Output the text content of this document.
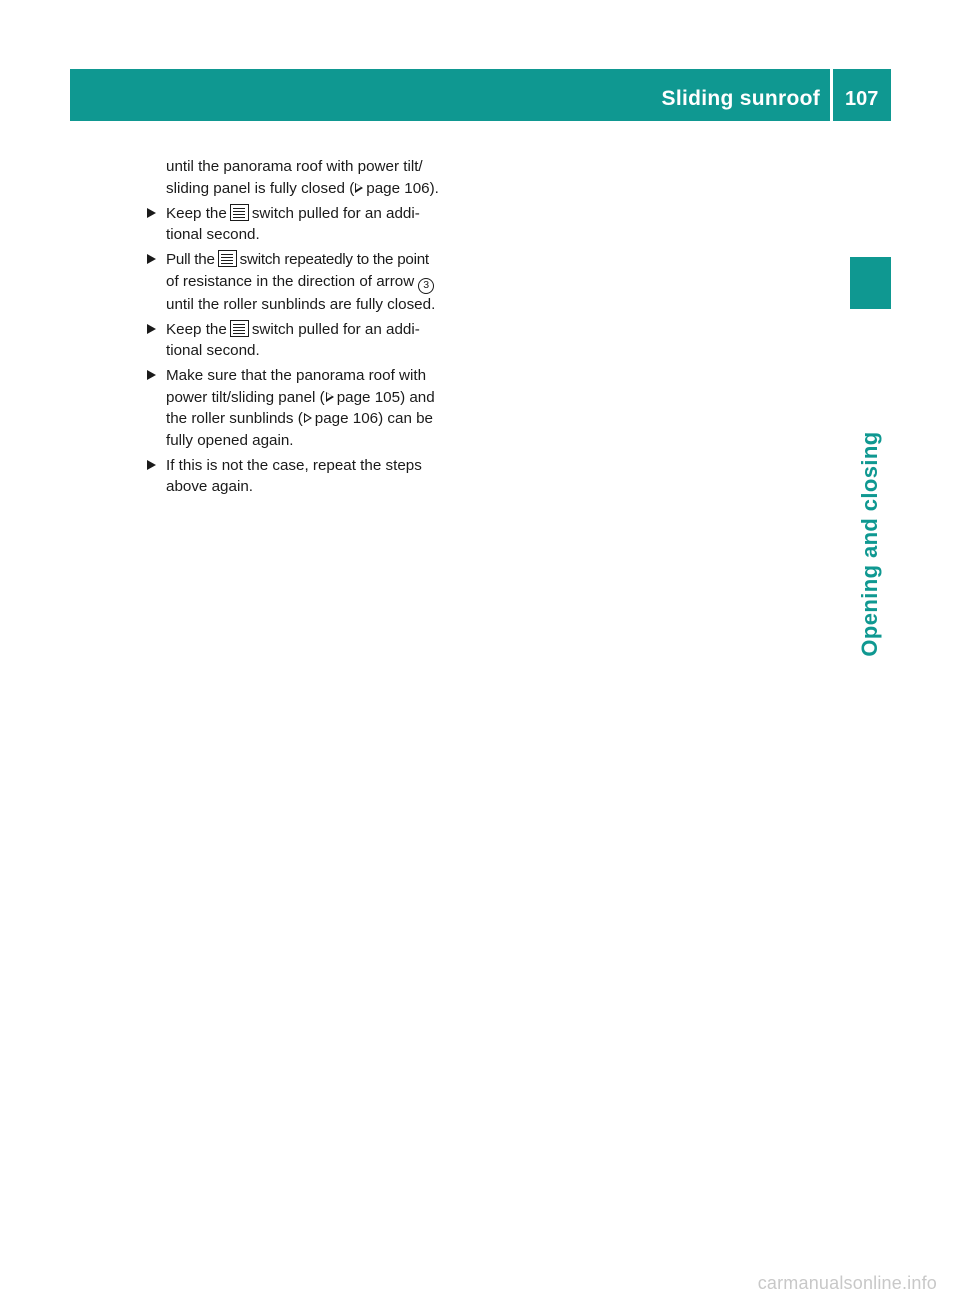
Sliding sunroof 107
Opening and closing
until the panorama roof with power tilt/
sliding panel is fully closed ( page 106).
Keep the switch pulled for an addi-
tional second.
Pull the switch repeatedly to the point
of resistance in the direction of arrow 3
until the roller sunblinds are fully closed.
Keep the switch pulled for an addi-
tional second.
Make sure that the panorama roof with
power tilt/sliding panel ( page 105) and
the roller sunblinds ( page 106) can be
fully opened again.
If this is not the case, repeat the steps
above again.
carmanualsonline.info
